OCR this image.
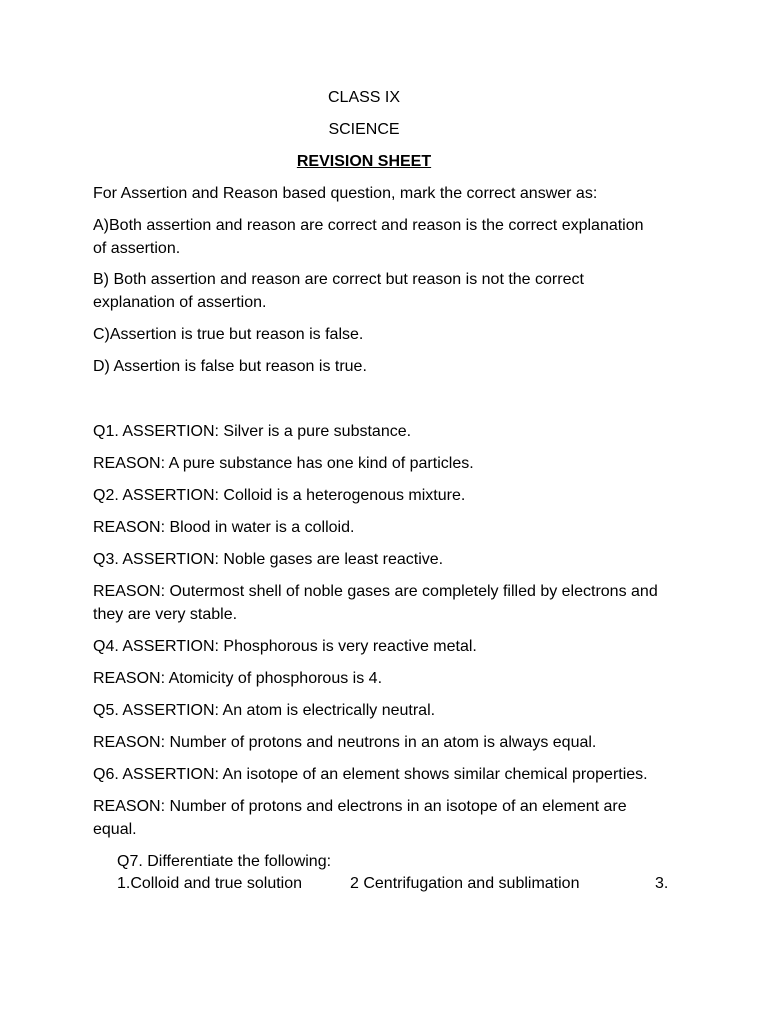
CLASS IX
SCIENCE
REVISION SHEET
For Assertion and Reason based question, mark the correct answer as:
A)Both assertion and reason are correct and reason is the correct explanation
of assertion.
B) Both assertion and reason are correct but reason is not the correct
explanation of assertion.
C)Assertion is true but reason is false.
D) Assertion is false but reason is true.
Q1. ASSERTION: Silver is a pure substance.
REASON: A pure substance has one kind of particles.
Q2. ASSERTION: Colloid is a heterogenous mixture.
REASON: Blood in water is a colloid.
Q3. ASSERTION: Noble gases are least reactive.
REASON: Outermost shell of noble gases are completely filled by electrons and
they are very stable.
Q4. ASSERTION: Phosphorous is very reactive metal.
REASON: Atomicity of phosphorous is 4.
Q5. ASSERTION: An atom is electrically neutral.
REASON: Number of protons and neutrons in an atom is always equal.
Q6. ASSERTION: An isotope of an element shows similar chemical properties.
REASON: Number of protons and electrons in an isotope of an element are
equal.
Q7. Differentiate the following:
1.Colloid and true solution	2 Centrifugation and sublimation	3.
